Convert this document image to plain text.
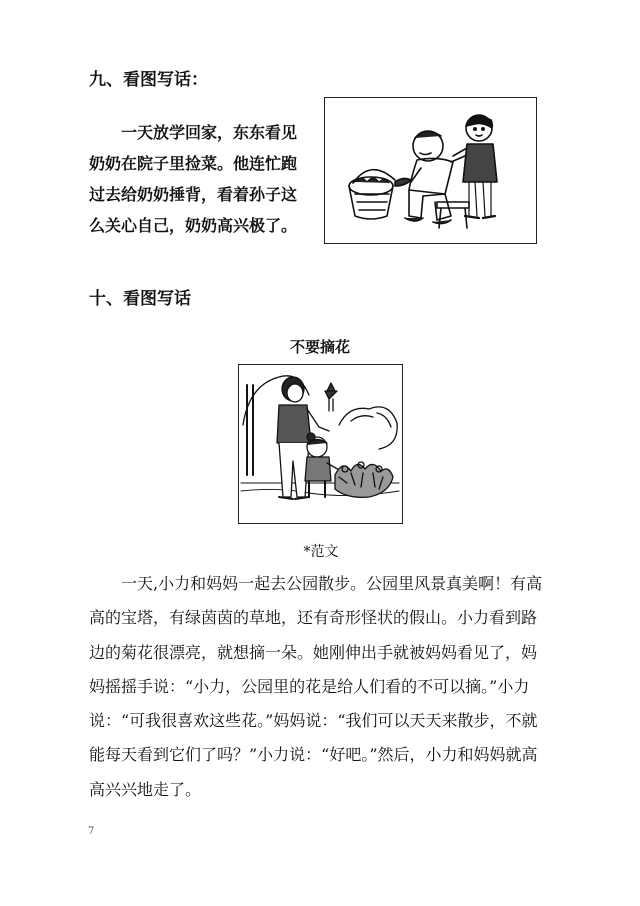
九、看图写话：
一天放学回家，东东看见
奶奶在院子里捡菜。他连忙跑
过去给奶奶捶背，看着孙子这
么关心自己，奶奶高兴极了。
十、看图写话
不要摘花
*范文
一天,小力和妈妈一起去公园散步。公园里风景真美啊！有高
高的宝塔，有绿茵茵的草地，还有奇形怪状的假山。小力看到路
边的菊花很漂亮，就想摘一朵。她刚伸出手就被妈妈看见了，妈
妈摇摇手说：“小力，公园里的花是给人们看的不可以摘。”小力
说：“可我很喜欢这些花。”妈妈说：“我们可以天天来散步，不就
能每天看到它们了吗？”小力说：“好吧。”然后，小力和妈妈就高
高兴兴地走了。
7
